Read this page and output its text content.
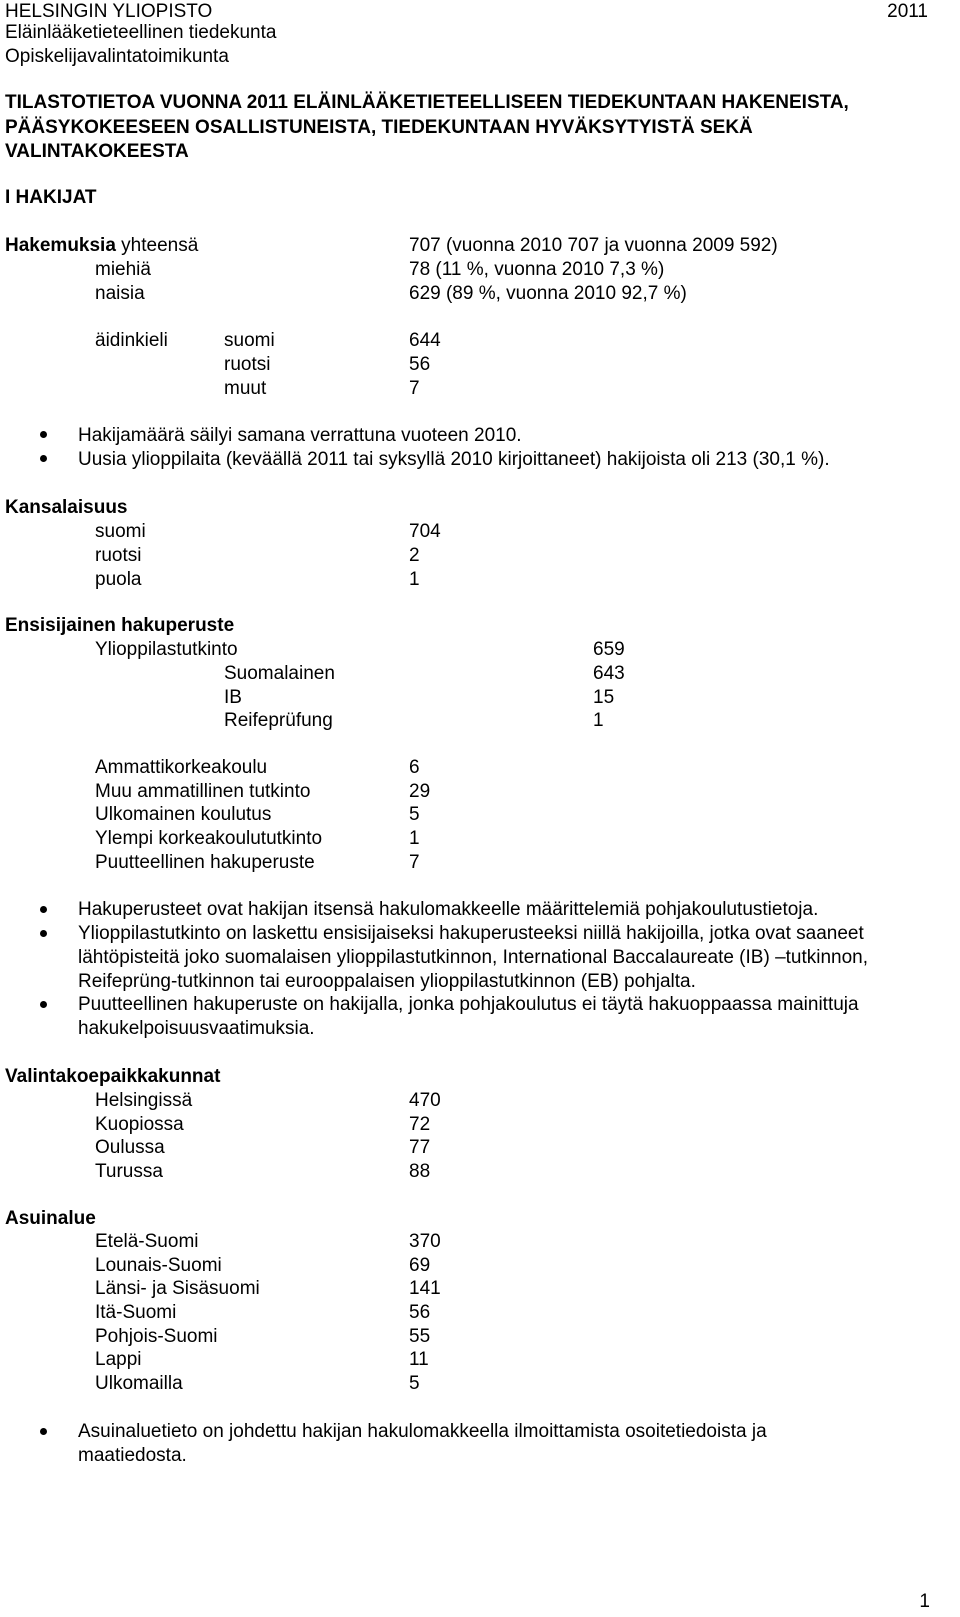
HELSINGIN YLIOPISTO
Eläinlääketieteellinen tiedekunta
Opiskelijavalintatoimikunta
2011
TILASTOTIETOA VUONNA 2011 ELÄINLÄÄKETIETEELLISEEN TIEDEKUNTAAN HAKENEISTA,
PÄÄSYKOKEESEEN OSALLISTUNEISTA, TIEDEKUNTAAN HYVÄKSYTYISTÄ SEKÄ
VALINTAKOKEESTA
I HAKIJAT
Hakemuksia yhteensä	707 (vuonna 2010 707 ja vuonna 2009 592)
miehiä	78 (11 %, vuonna 2010 7,3 %)
naisia	629 (89 %, vuonna 2010 92,7 %)
äidinkieli	suomi	644
ruotsi	56
muut	7
Hakijamäärä säilyi samana verrattuna vuoteen 2010.
Uusia ylioppilaita (keväällä 2011 tai syksyllä 2010 kirjoittaneet) hakijoista oli 213 (30,1 %).
Kansalaisuus
suomi	704
ruotsi	2
puola	1
Ensisijainen hakuperuste
Ylioppilastutkinto	659
Suomalainen	643
IB	15
Reifeprüfung	1
Ammattikorkeakoulu	6
Muu ammatillinen tutkinto	29
Ulkomainen koulutus	5
Ylempi korkeakoulututkinto	1
Puutteellinen hakuperuste	7
Hakuperusteet ovat hakijan itsensä hakulomakkeelle määrittelemiä pohjakoulutustietoja.
Ylioppilastutkinto on laskettu ensisijaiseksi hakuperusteeksi niillä hakijoilla, jotka ovat saaneet lähtöpisteitä joko suomalaisen ylioppilastutkinnon, International Baccalaureate (IB) –tutkinnon, Reifeprüng-tutkinnon tai eurooppalaisen ylioppilastutkinnon (EB) pohjalta.
Puutteellinen hakuperuste on hakijalla, jonka pohjakoulutus ei täytä hakuoppaassa mainittuja hakukelpoisuusvaatimuksia.
Valintakoepaikkakunnat
Helsingissä	470
Kuopiossa	72
Oulussa	77
Turussa	88
Asuinalue
Etelä-Suomi	370
Lounais-Suomi	69
Länsi- ja Sisäsuomi	141
Itä-Suomi	56
Pohjois-Suomi	55
Lappi	11
Ulkomailla	5
Asuinaluetieto on johdettu hakijan hakulomakkeella ilmoittamista osoitetiedoista ja maatiedosta.
1
